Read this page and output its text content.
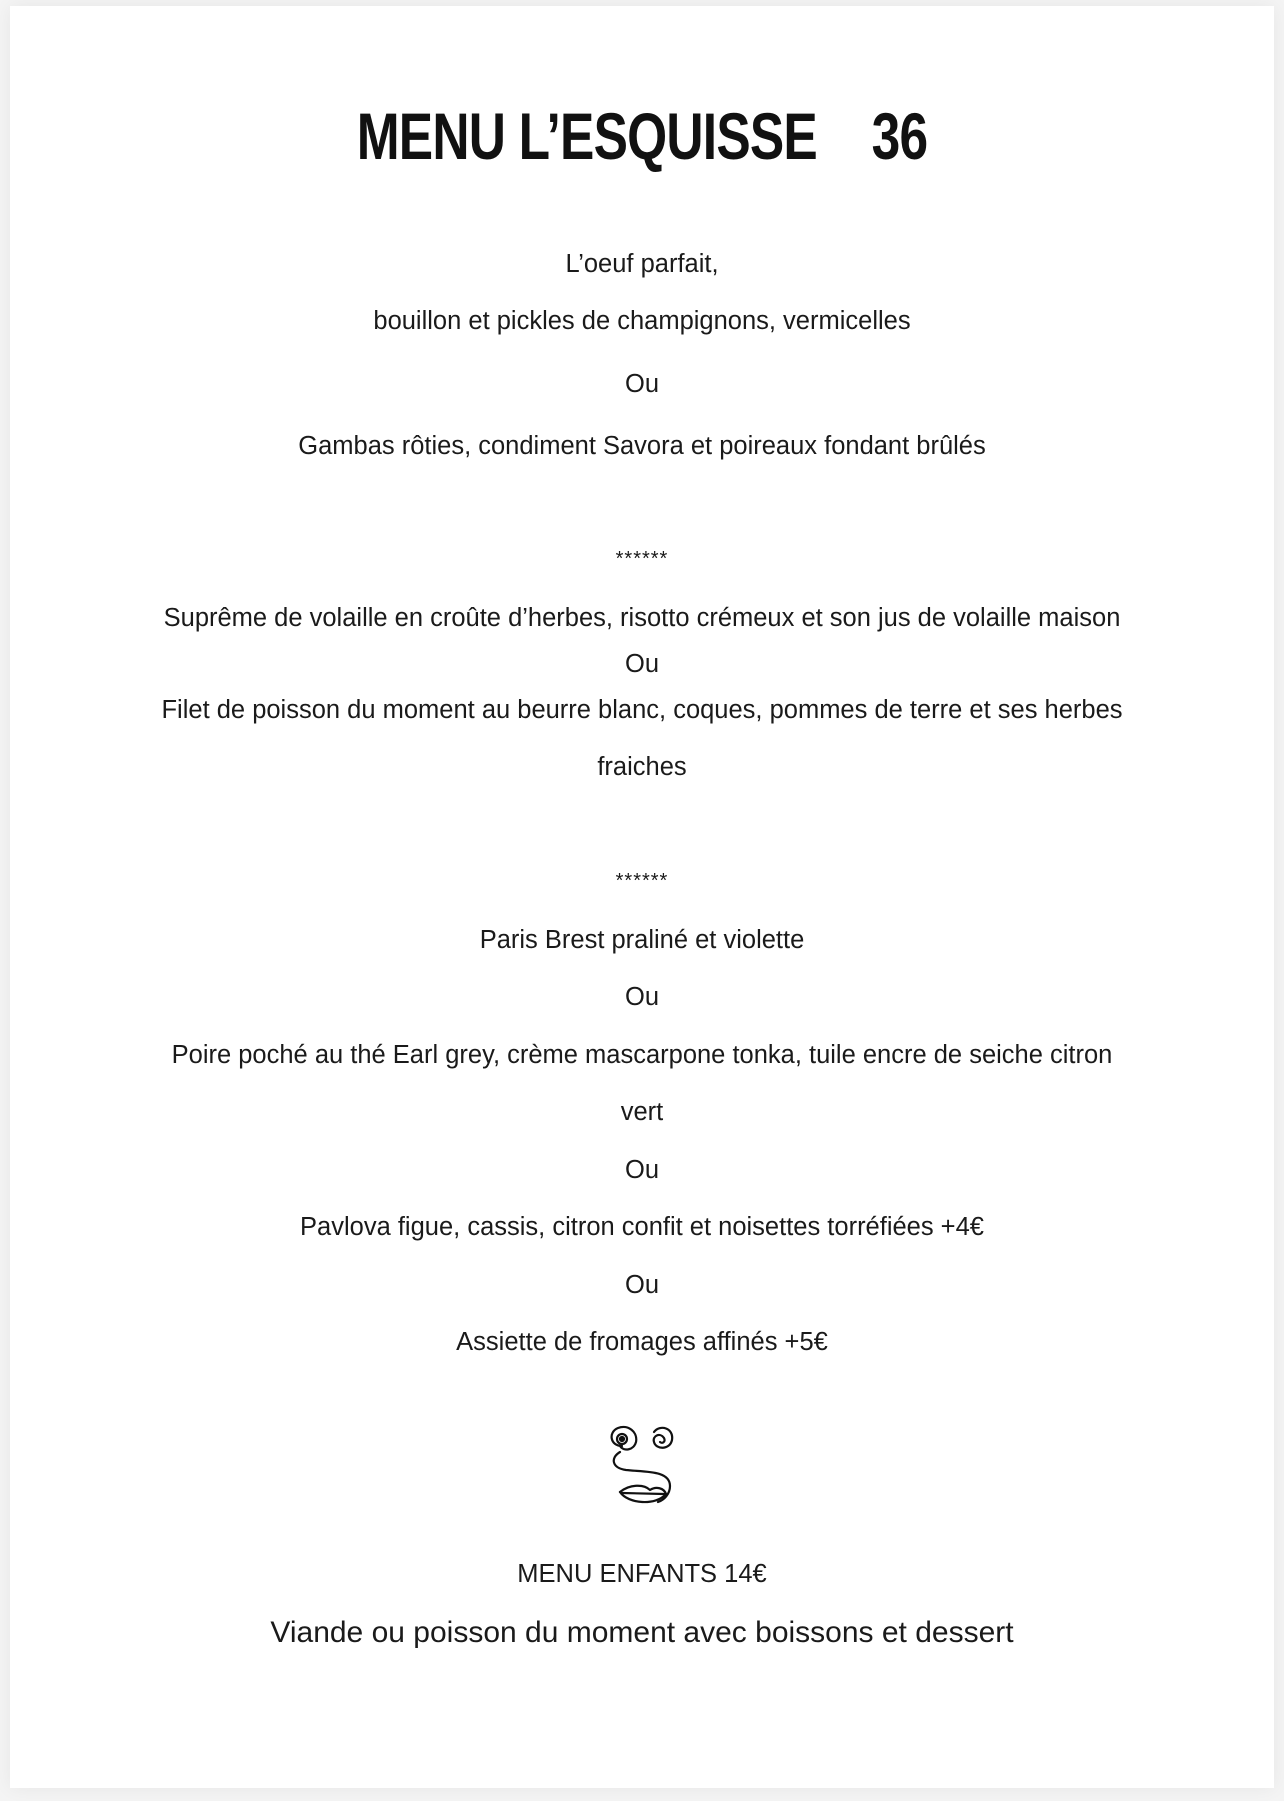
MENU L’ESQUISSE 36
L’oeuf parfait,
bouillon et pickles de champignons, vermicelles
Ou
Gambas rôties, condiment Savora et poireaux fondant brûlés
******
Suprême de volaille en croûte d’herbes, risotto crémeux et son jus de volaille maison
Ou
Filet de poisson du moment au beurre blanc, coques, pommes de terre et ses herbes
fraiches
******
Paris Brest praliné et violette
Ou
Poire poché au thé Earl grey, crème mascarpone tonka, tuile encre de seiche citron
vert
Ou
Pavlova figue, cassis, citron confit et noisettes torréfiées +4€
Ou
Assiette de fromages affinés +5€
MENU ENFANTS 14€
Viande ou poisson du moment avec boissons et dessert
